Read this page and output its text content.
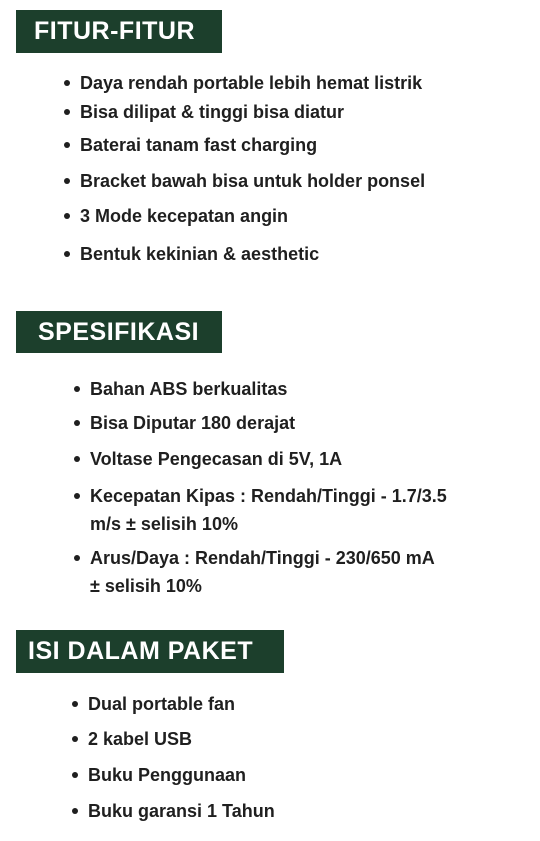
FITUR-FITUR
Daya rendah portable lebih hemat listrik
Bisa dilipat & tinggi bisa diatur
Baterai tanam fast charging
Bracket bawah bisa untuk holder ponsel
3 Mode kecepatan angin
Bentuk kekinian & aesthetic
SPESIFIKASI
Bahan ABS berkualitas
Bisa Diputar 180 derajat
Voltase Pengecasan di 5V, 1A
Kecepatan Kipas : Rendah/Tinggi - 1.7/3.5
m/s ± selisih 10%
Arus/Daya : Rendah/Tinggi - 230/650 mA
± selisih 10%
ISI DALAM PAKET
Dual portable fan
2 kabel USB
Buku Penggunaan
Buku garansi 1 Tahun
